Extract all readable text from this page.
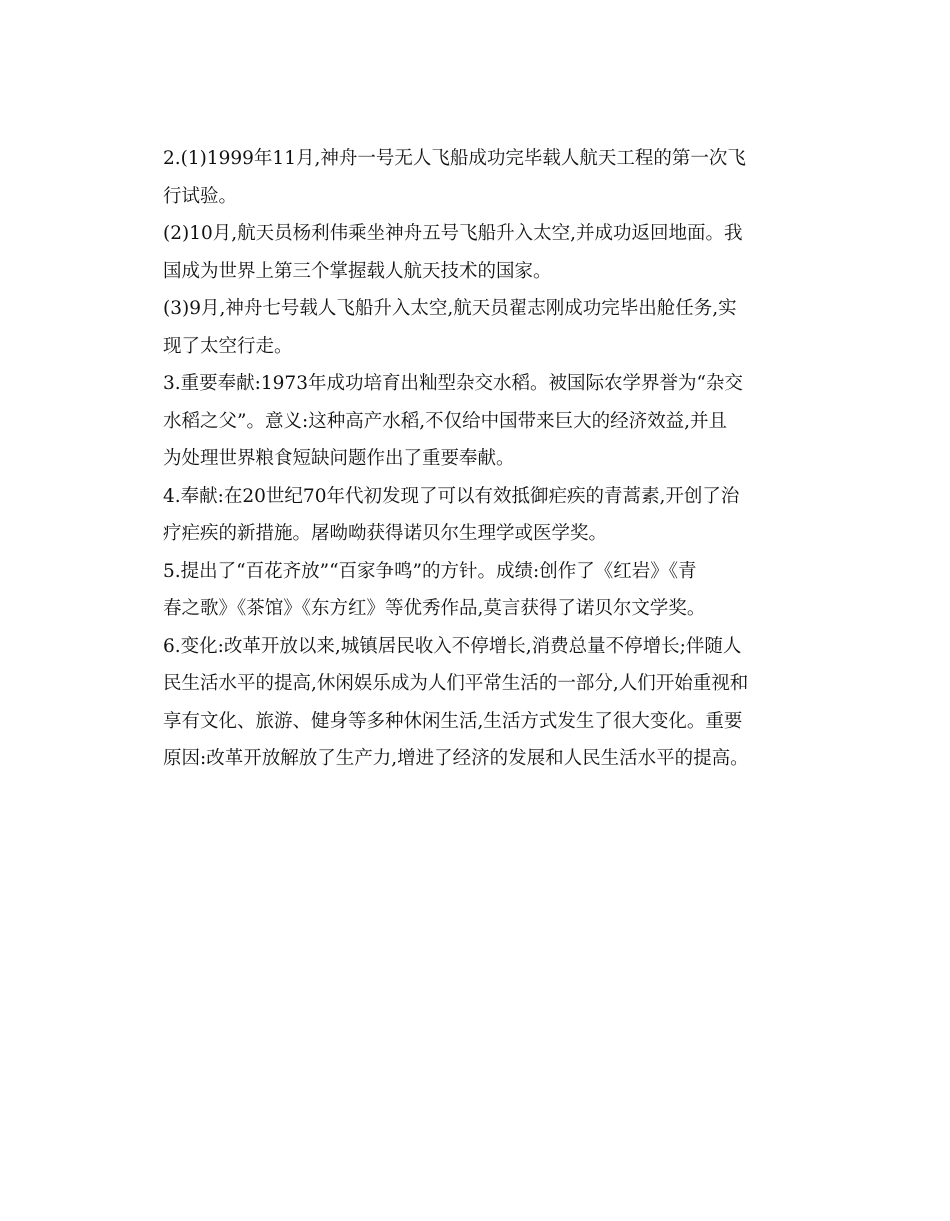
2.(1)1999年11月,神舟一号无人飞船成功完毕载人航天工程的第一次飞
行试验。
(2)10月,航天员杨利伟乘坐神舟五号飞船升入太空,并成功返回地面。我
国成为世界上第三个掌握载人航天技术的国家。
(3)9月,神舟七号载人飞船升入太空,航天员翟志刚成功完毕出舱任务,实
现了太空行走。
3.重要奉献:1973年成功培育出籼型杂交水稻。被国际农学界誉为“杂交
水稻之父”。意义:这种高产水稻,不仅给中国带来巨大的经济效益,并且
为处理世界粮食短缺问题作出了重要奉献。
4.奉献:在20世纪70年代初发现了可以有效抵御疟疾的青蒿素,开创了治
疗疟疾的新措施。屠呦呦获得诺贝尔生理学或医学奖。
5.提出了“百花齐放”“百家争鸣”的方针。成绩:创作了《红岩》《青
春之歌》《茶馆》《东方红》等优秀作品,莫言获得了诺贝尔文学奖。
6.变化:改革开放以来,城镇居民收入不停增长,消费总量不停增长;伴随人
民生活水平的提高,休闲娱乐成为人们平常生活的一部分,人们开始重视和
享有文化、旅游、健身等多种休闲生活,生活方式发生了很大变化。重要
原因:改革开放解放了生产力,增进了经济的发展和人民生活水平的提高。
